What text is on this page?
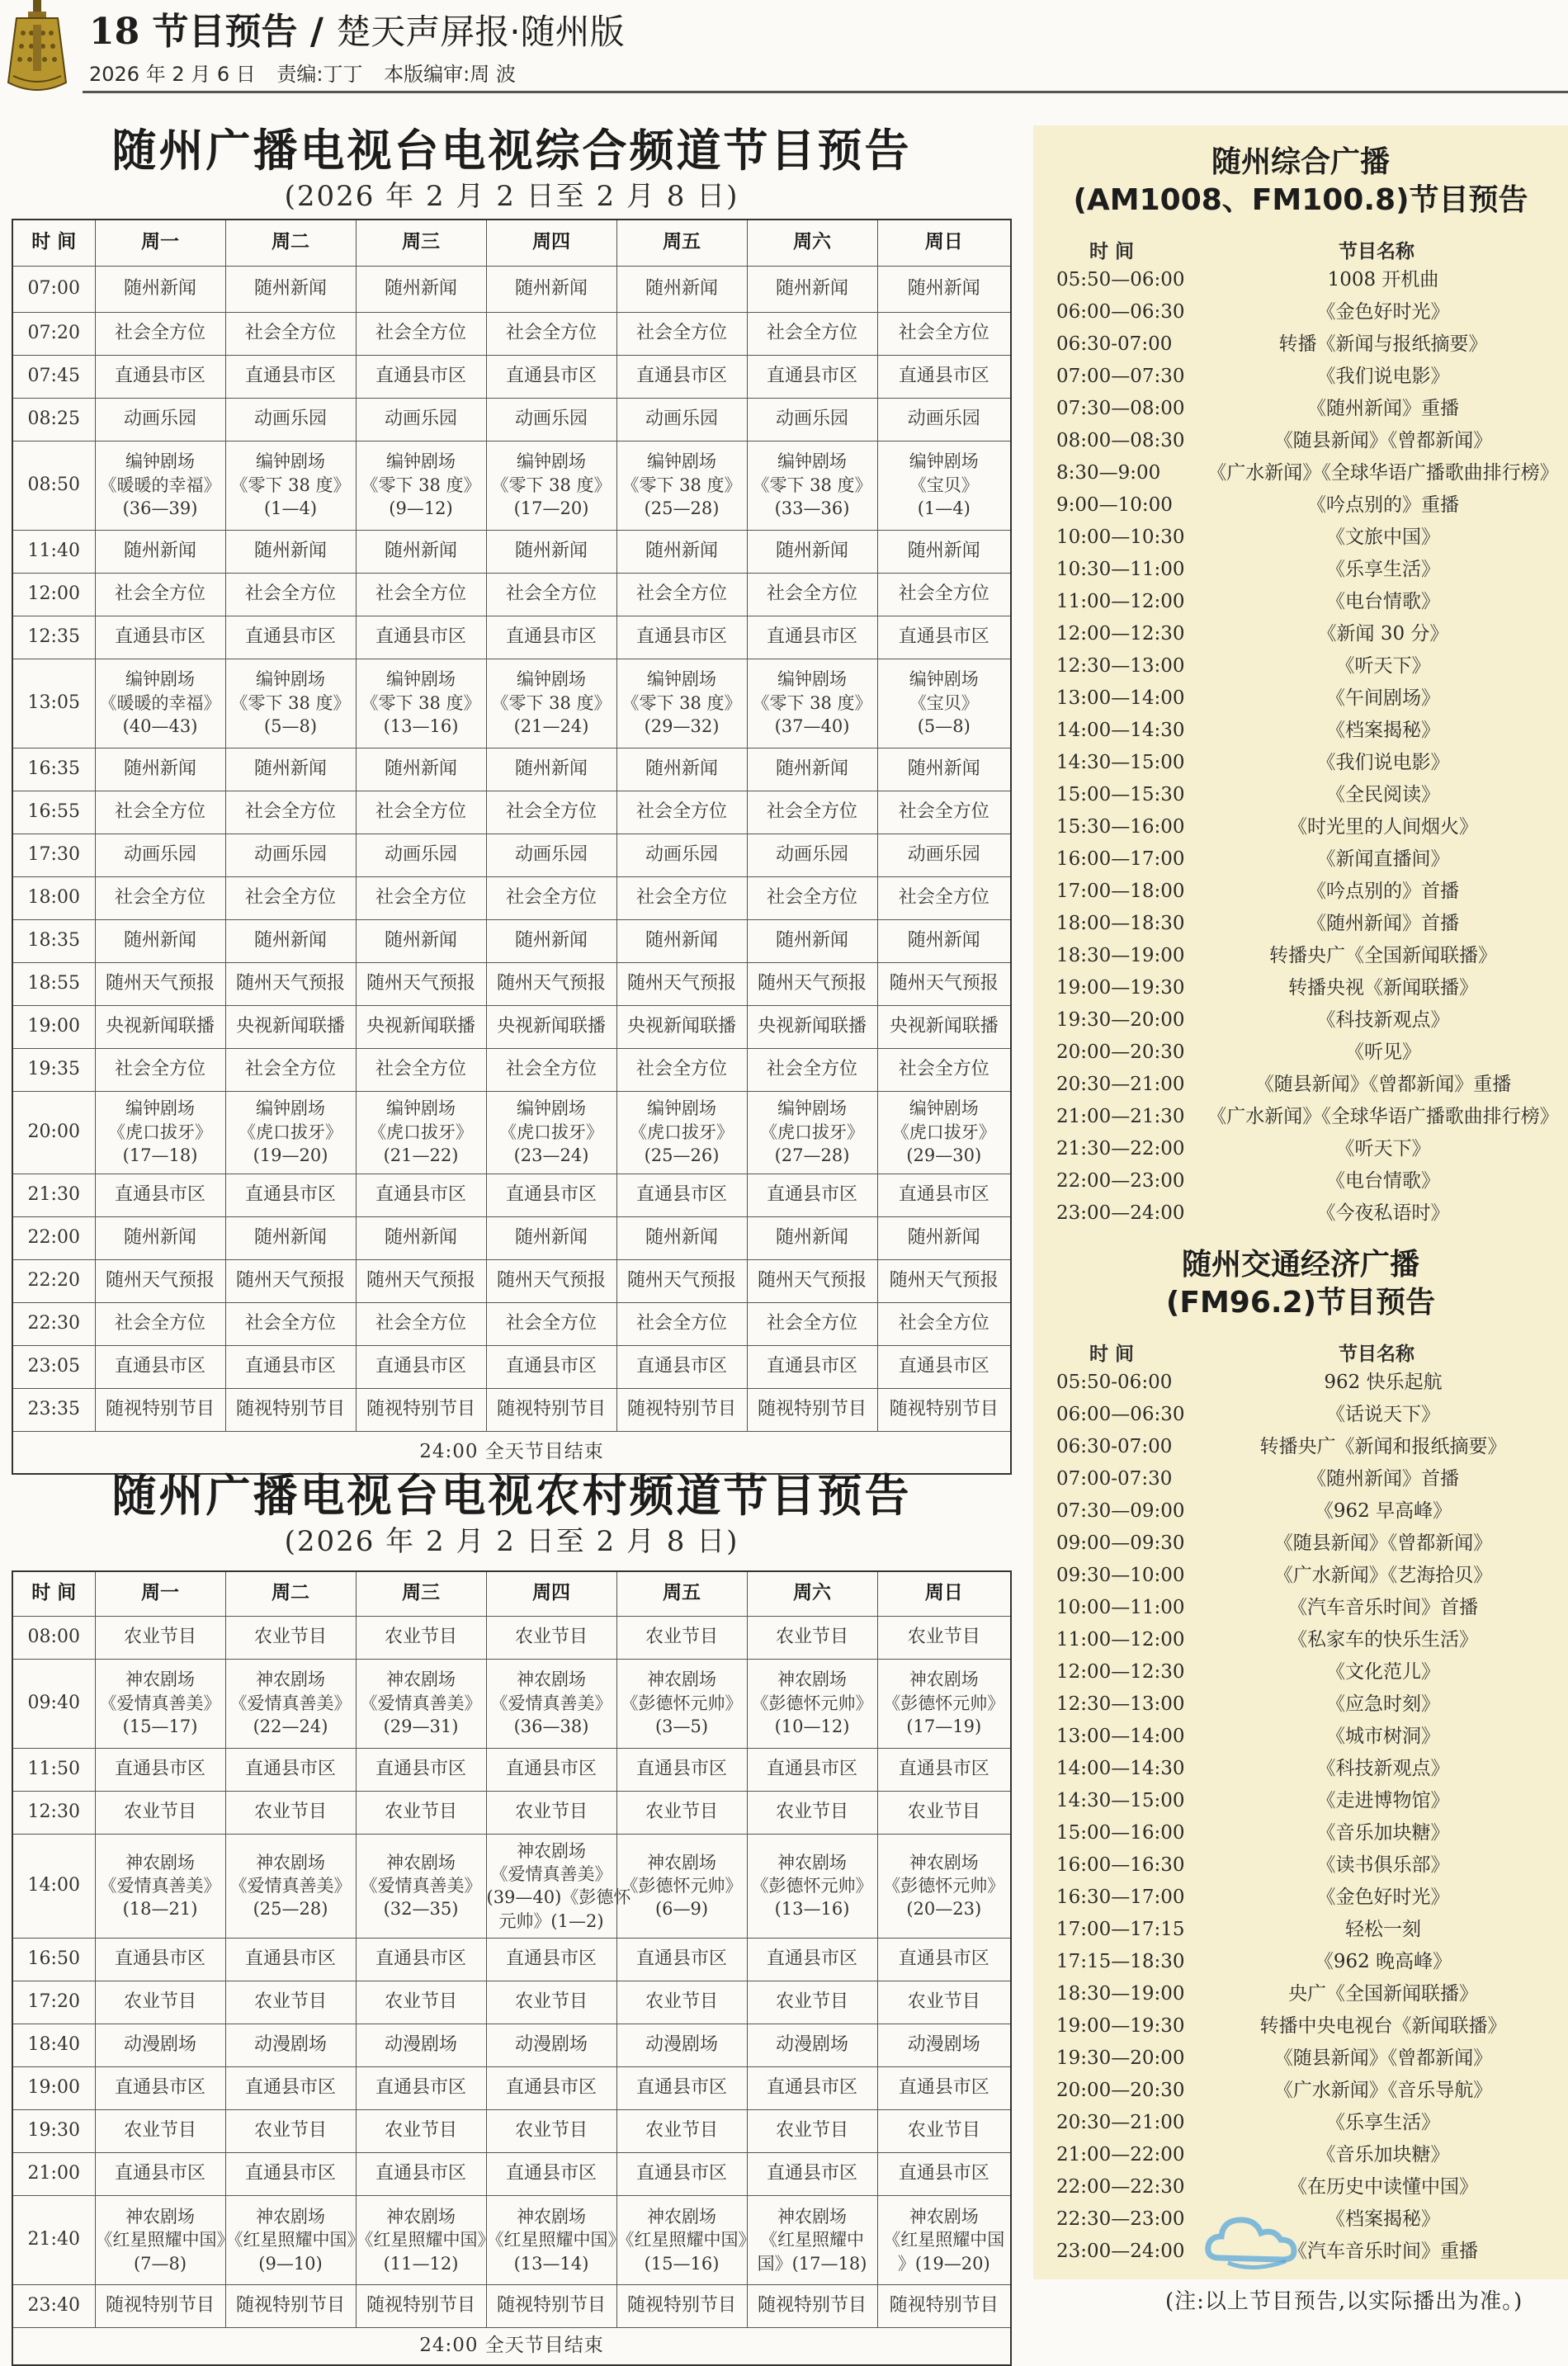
18 节目预告 / 楚天声屏报·随州版
2026 年 2 月 6 日 责编:丁丁 本版编审:周 波
随州广播电视台电视综合频道节目预告
(2026 年 2 月 2 日至 2 月 8 日)
时 间	周一	周二	周三	周四	周五	周六	周日
07:00	随州新闻	随州新闻	随州新闻	随州新闻	随州新闻	随州新闻	随州新闻
07:20	社会全方位	社会全方位	社会全方位	社会全方位	社会全方位	社会全方位	社会全方位
07:45	直通县市区	直通县市区	直通县市区	直通县市区	直通县市区	直通县市区	直通县市区
08:25	动画乐园	动画乐园	动画乐园	动画乐园	动画乐园	动画乐园	动画乐园
08:50	编钟剧场
《暖暖的幸福》
(36—39)	编钟剧场
《零下 38 度》
(1—4)	编钟剧场
《零下 38 度》
(9—12)	编钟剧场
《零下 38 度》
(17—20)	编钟剧场
《零下 38 度》
(25—28)	编钟剧场
《零下 38 度》
(33—36)	编钟剧场
《宝贝》
(1—4)

11:40	随州新闻	随州新闻	随州新闻	随州新闻	随州新闻	随州新闻	随州新闻
12:00	社会全方位	社会全方位	社会全方位	社会全方位	社会全方位	社会全方位	社会全方位
12:35	直通县市区	直通县市区	直通县市区	直通县市区	直通县市区	直通县市区	直通县市区
13:05	编钟剧场
《暖暖的幸福》
(40—43)	编钟剧场
《零下 38 度》
(5—8)	编钟剧场
《零下 38 度》
(13—16)	编钟剧场
《零下 38 度》
(21—24)	编钟剧场
《零下 38 度》
(29—32)	编钟剧场
《零下 38 度》
(37—40)	编钟剧场
《宝贝》
(5—8)

16:35	随州新闻	随州新闻	随州新闻	随州新闻	随州新闻	随州新闻	随州新闻
16:55	社会全方位	社会全方位	社会全方位	社会全方位	社会全方位	社会全方位	社会全方位
17:30	动画乐园	动画乐园	动画乐园	动画乐园	动画乐园	动画乐园	动画乐园
18:00	社会全方位	社会全方位	社会全方位	社会全方位	社会全方位	社会全方位	社会全方位
18:35	随州新闻	随州新闻	随州新闻	随州新闻	随州新闻	随州新闻	随州新闻
18:55	随州天气预报	随州天气预报	随州天气预报	随州天气预报	随州天气预报	随州天气预报	随州天气预报
19:00	央视新闻联播	央视新闻联播	央视新闻联播	央视新闻联播	央视新闻联播	央视新闻联播	央视新闻联播
19:35	社会全方位	社会全方位	社会全方位	社会全方位	社会全方位	社会全方位	社会全方位
20:00	编钟剧场
《虎口拔牙》
(17—18)	编钟剧场
《虎口拔牙》
(19—20)	编钟剧场
《虎口拔牙》
(21—22)	编钟剧场
《虎口拔牙》
(23—24)	编钟剧场
《虎口拔牙》
(25—26)	编钟剧场
《虎口拔牙》
(27—28)	编钟剧场
《虎口拔牙》
(29—30)

21:30	直通县市区	直通县市区	直通县市区	直通县市区	直通县市区	直通县市区	直通县市区
22:00	随州新闻	随州新闻	随州新闻	随州新闻	随州新闻	随州新闻	随州新闻
22:20	随州天气预报	随州天气预报	随州天气预报	随州天气预报	随州天气预报	随州天气预报	随州天气预报
22:30	社会全方位	社会全方位	社会全方位	社会全方位	社会全方位	社会全方位	社会全方位
23:05	直通县市区	直通县市区	直通县市区	直通县市区	直通县市区	直通县市区	直通县市区
23:35	随视特别节目	随视特别节目	随视特别节目	随视特别节目	随视特别节目	随视特别节目	随视特别节目
24:00 全天节目结束							
随州广播电视台电视农村频道节目预告
(2026 年 2 月 2 日至 2 月 8 日)
时 间	周一	周二	周三	周四	周五	周六	周日
08:00	农业节目	农业节目	农业节目	农业节目	农业节目	农业节目	农业节目
09:40	神农剧场
《爱情真善美》
(15—17)	神农剧场
《爱情真善美》
(22—24)	神农剧场
《爱情真善美》
(29—31)	神农剧场
《爱情真善美》
(36—38)	神农剧场
《彭德怀元帅》
(3—5)	神农剧场
《彭德怀元帅》
(10—12)	神农剧场
《彭德怀元帅》
(17—19)

11:50	直通县市区	直通县市区	直通县市区	直通县市区	直通县市区	直通县市区	直通县市区
12:30	农业节目	农业节目	农业节目	农业节目	农业节目	农业节目	农业节目
14:00	神农剧场
《爱情真善美》
(18—21)	神农剧场
《爱情真善美》
(25—28)	神农剧场
《爱情真善美》
(32—35)	神农剧场
《爱情真善美》
(39—40)《彭德怀
元帅》(1—2)	神农剧场
《彭德怀元帅》
(6—9)	神农剧场
《彭德怀元帅》
(13—16)	神农剧场
《彭德怀元帅》
(20—23)

16:50	直通县市区	直通县市区	直通县市区	直通县市区	直通县市区	直通县市区	直通县市区
17:20	农业节目	农业节目	农业节目	农业节目	农业节目	农业节目	农业节目
18:40	动漫剧场	动漫剧场	动漫剧场	动漫剧场	动漫剧场	动漫剧场	动漫剧场
19:00	直通县市区	直通县市区	直通县市区	直通县市区	直通县市区	直通县市区	直通县市区
19:30	农业节目	农业节目	农业节目	农业节目	农业节目	农业节目	农业节目
21:00	直通县市区	直通县市区	直通县市区	直通县市区	直通县市区	直通县市区	直通县市区
21:40	神农剧场
《红星照耀中国》
(7—8)	神农剧场
《红星照耀中国》
(9—10)	神农剧场
《红星照耀中国》
(11—12)	神农剧场
《红星照耀中国》
(13—14)	神农剧场
《红星照耀中国》
(15—16)	神农剧场
《红星照耀中
国》(17—18)	神农剧场
《红星照耀中国
》(19—20)

23:40	随视特别节目	随视特别节目	随视特别节目	随视特别节目	随视特别节目	随视特别节目	随视特别节目
24:00 全天节目结束							
随州综合广播
(AM1008、FM100.8)节目预告
时 间	节目名称
05:50—06:00	1008 开机曲
06:00—06:30	《金色好时光》
06:30-07:00	转播《新闻与报纸摘要》
07:00—07:30	《我们说电影》
07:30—08:00	《随州新闻》重播
08:00—08:30	《随县新闻》《曾都新闻》
8:30—9:00	《广水新闻》《全球华语广播歌曲排行榜》
9:00—10:00	《吟点别的》重播
10:00—10:30	《文旅中国》
10:30—11:00	《乐享生活》
11:00—12:00	《电台情歌》
12:00—12:30	《新闻 30 分》
12:30—13:00	《听天下》
13:00—14:00	《午间剧场》
14:00—14:30	《档案揭秘》
14:30—15:00	《我们说电影》
15:00—15:30	《全民阅读》
15:30—16:00	《时光里的人间烟火》
16:00—17:00	《新闻直播间》
17:00—18:00	《吟点别的》首播
18:00—18:30	《随州新闻》首播
18:30—19:00	转播央广《全国新闻联播》
19:00—19:30	转播央视《新闻联播》
19:30—20:00	《科技新观点》
20:00—20:30	《听见》
20:30—21:00	《随县新闻》《曾都新闻》重播
21:00—21:30	《广水新闻》《全球华语广播歌曲排行榜》
21:30—22:00	《听天下》
22:00—23:00	《电台情歌》
23:00—24:00	《今夜私语时》
随州交通经济广播
(FM96.2)节目预告
时 间	节目名称
05:50-06:00	962 快乐起航
06:00—06:30	《话说天下》
06:30-07:00	转播央广《新闻和报纸摘要》
07:00-07:30	《随州新闻》首播
07:30—09:00	《962 早高峰》
09:00—09:30	《随县新闻》《曾都新闻》
09:30—10:00	《广水新闻》《艺海拾贝》
10:00—11:00	《汽车音乐时间》首播
11:00—12:00	《私家车的快乐生活》
12:00—12:30	《文化范儿》
12:30—13:00	《应急时刻》
13:00—14:00	《城市树洞》
14:00—14:30	《科技新观点》
14:30—15:00	《走进博物馆》
15:00—16:00	《音乐加块糖》
16:00—16:30	《读书俱乐部》
16:30—17:00	《金色好时光》
17:00—17:15	轻松一刻
17:15—18:30	《962 晚高峰》
18:30—19:00	央广《全国新闻联播》
19:00—19:30	转播中央电视台《新闻联播》
19:30—20:00	《随县新闻》《曾都新闻》
20:00—20:30	《广水新闻》《音乐导航》
20:30—21:00	《乐享生活》
21:00—22:00	《音乐加块糖》
22:00—22:30	《在历史中读懂中国》
22:30—23:00	《档案揭秘》
23:00—24:00	《汽车音乐时间》重播
(注:以上节目预告,以实际播出为准。)
